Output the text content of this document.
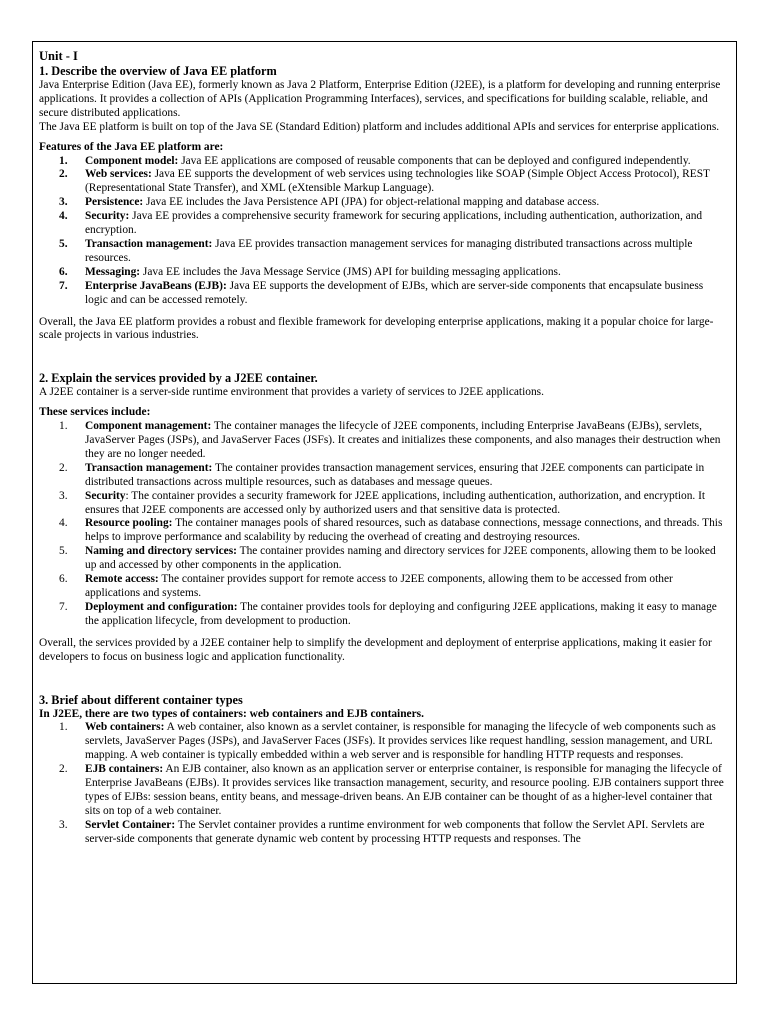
Unit - I

1. Describe the overview of Java EE platform

Java Enterprise Edition (Java EE), formerly known as Java 2 Platform, Enterprise Edition (J2EE), is a platform for developing and running enterprise applications. It provides a collection of APIs (Application Programming Interfaces), services, and specifications for building scalable, reliable, and secure distributed applications.

The Java EE platform is built on top of the Java SE (Standard Edition) platform and includes additional APIs and services for enterprise applications.

Features of the Java EE platform are:

1.	Component model: Java EE applications are composed of reusable components that can be deployed and configured independently.
2.	Web services: Java EE supports the development of web services using technologies like SOAP (Simple Object Access Protocol), REST (Representational State Transfer), and XML (eXtensible Markup Language).
3.	Persistence: Java EE includes the Java Persistence API (JPA) for object-relational mapping and database access.
4.	Security: Java EE provides a comprehensive security framework for securing applications, including authentication, authorization, and encryption.
5.	Transaction management: Java EE provides transaction management services for managing distributed transactions across multiple resources.
6.	Messaging: Java EE includes the Java Message Service (JMS) API for building messaging applications.
7.	Enterprise JavaBeans (EJB): Java EE supports the development of EJBs, which are server-side components that encapsulate business logic and can be accessed remotely.

Overall, the Java EE platform provides a robust and flexible framework for developing enterprise applications, making it a popular choice for large-scale projects in various industries.

2. Explain the services provided by a J2EE container.

A J2EE container is a server-side runtime environment that provides a variety of services to J2EE applications.

These services include:

1.	Component management: The container manages the lifecycle of J2EE components, including Enterprise JavaBeans (EJBs), servlets, JavaServer Pages (JSPs), and JavaServer Faces (JSFs). It creates and initializes these components, and also manages their destruction when they are no longer needed.
2.	Transaction management: The container provides transaction management services, ensuring that J2EE components can participate in distributed transactions across multiple resources, such as databases and message queues.
3.	Security: The container provides a security framework for J2EE applications, including authentication, authorization, and encryption. It ensures that J2EE components are accessed only by authorized users and that sensitive data is protected.
4.	Resource pooling: The container manages pools of shared resources, such as database connections, message connections, and threads. This helps to improve performance and scalability by reducing the overhead of creating and destroying resources.
5.	Naming and directory services: The container provides naming and directory services for J2EE components, allowing them to be looked up and accessed by other components in the application.
6.	Remote access: The container provides support for remote access to J2EE components, allowing them to be accessed from other applications and systems.
7.	Deployment and configuration: The container provides tools for deploying and configuring J2EE applications, making it easy to manage the application lifecycle, from development to production.

Overall, the services provided by a J2EE container help to simplify the development and deployment of enterprise applications, making it easier for developers to focus on business logic and application functionality.

3. Brief about different container types

In J2EE, there are two types of containers: web containers and EJB containers.

1.	Web containers: A web container, also known as a servlet container, is responsible for managing the lifecycle of web components such as servlets, JavaServer Pages (JSPs), and JavaServer Faces (JSFs). It provides services like request handling, session management, and URL mapping. A web container is typically embedded within a web server and is responsible for handling HTTP requests and responses.
2.	EJB containers: An EJB container, also known as an application server or enterprise container, is responsible for managing the lifecycle of Enterprise JavaBeans (EJBs). It provides services like transaction management, security, and resource pooling. EJB containers support three types of EJBs: session beans, entity beans, and message-driven beans. An EJB container can be thought of as a higher-level container that sits on top of a web container.
3.	Servlet Container: The Servlet container provides a runtime environment for web components that follow the Servlet API. Servlets are server-side components that generate dynamic web content by processing HTTP requests and responses. The
